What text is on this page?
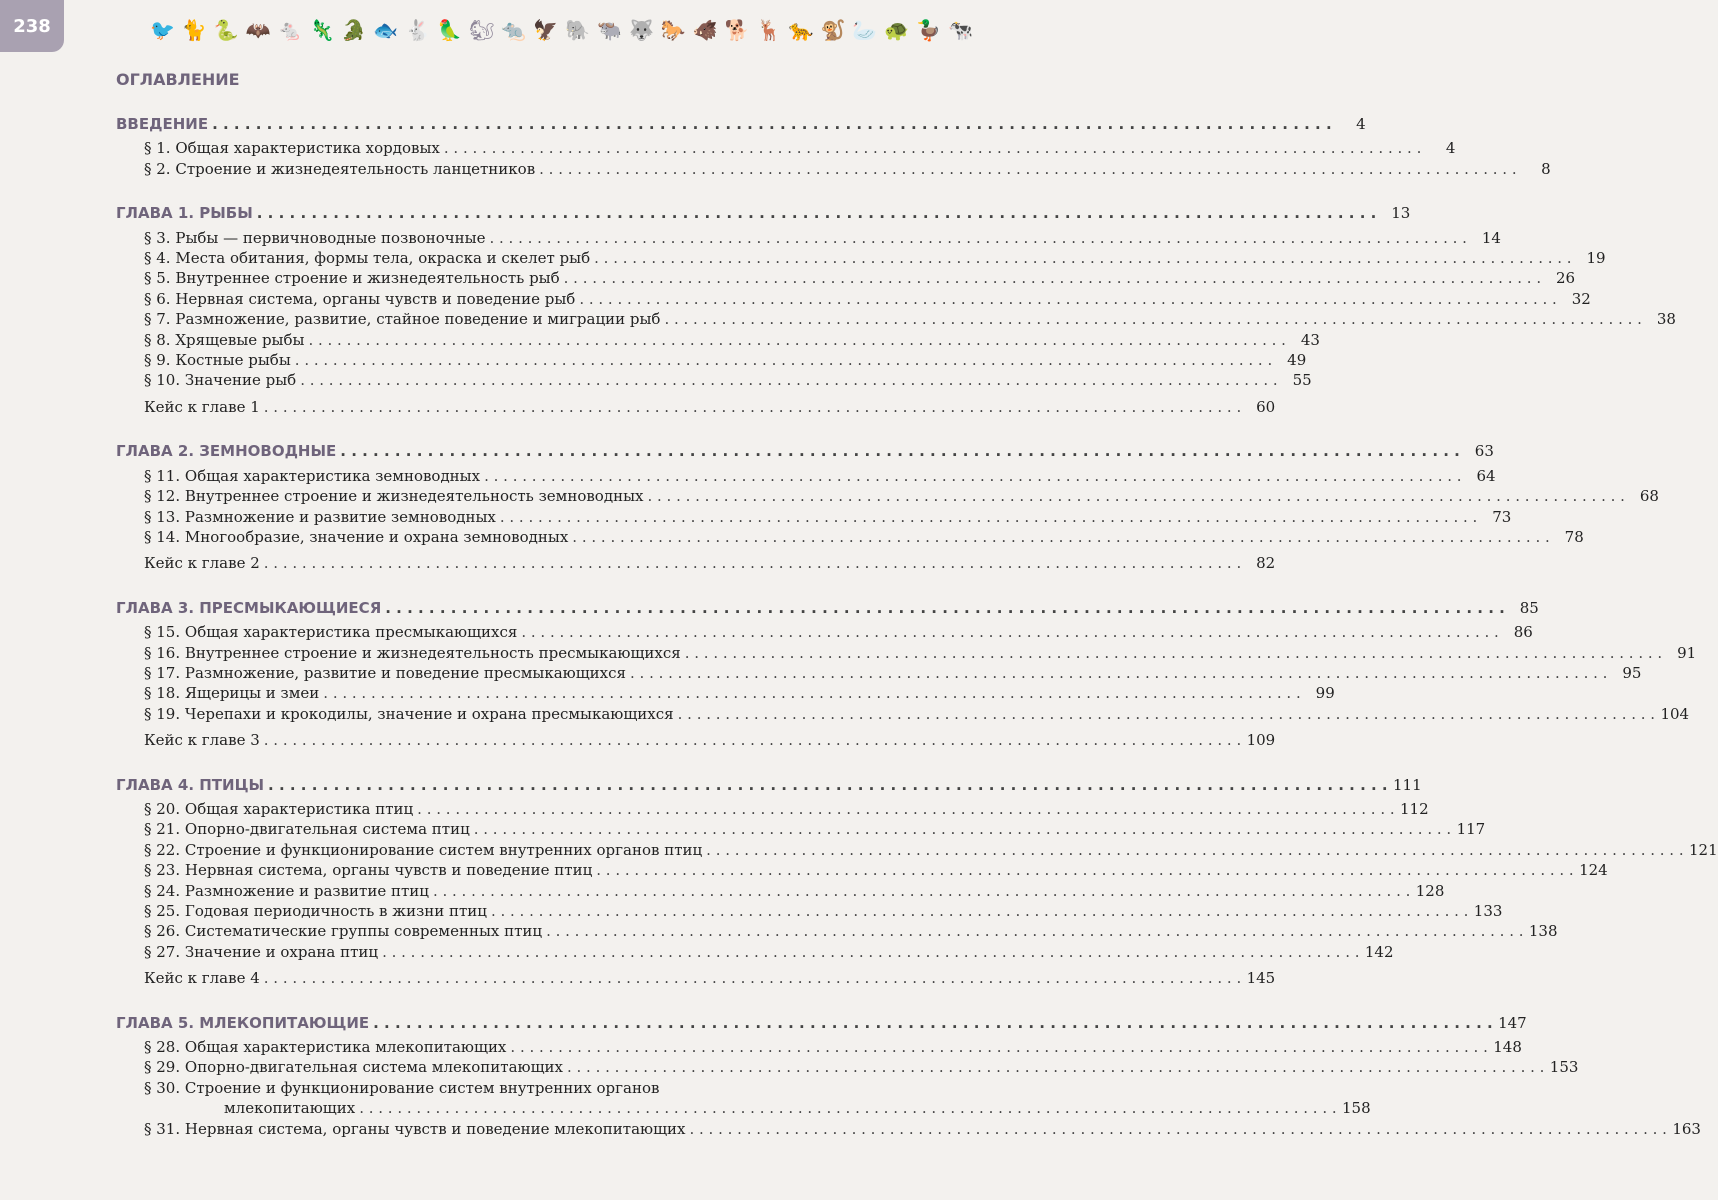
238	🐦🐈🐍🦇🐁🦎🐊🐟🐇🦜🐿🐀🦅🐘🐃🐺🐎🐗🐕🦌🐆🐒🦢🐢🦆🐄
ОГЛАВЛЕНИЕ
ВВЕДЕНИЕ . . .	4
§ 1. Общая характеристика хордовых . . .	4
§ 2. Строение и жизнедеятельность ланцетников . . .	8
ГЛАВА 1. РЫБЫ . . .	13
§ 3. Рыбы — первичноводные позвоночные . . .	14
§ 4. Места обитания, формы тела, окраска и скелет рыб . . .	19
§ 5. Внутреннее строение и жизнедеятельность рыб . . .	26
§ 6. Нервная система, органы чувств и поведение рыб . . .	32
§ 7. Размножение, развитие, стайное поведение и миграции рыб . . .	38
§ 8. Хрящевые рыбы . . .	43
§ 9. Костные рыбы . . .	49
§ 10. Значение рыб . . .	55
Кейс к главе 1 . . .	60
ГЛАВА 2. ЗЕМНОВОДНЫЕ . . .	63
§ 11. Общая характеристика земноводных . . .	64
§ 12. Внутреннее строение и жизнедеятельность земноводных . . .	68
§ 13. Размножение и развитие земноводных . . .	73
§ 14. Многообразие, значение и охрана земноводных . . .	78
Кейс к главе 2 . . .	82
ГЛАВА 3. ПРЕСМЫКАЮЩИЕСЯ . . .	85
§ 15. Общая характеристика пресмыкающихся . . .	86
§ 16. Внутреннее строение и жизнедеятельность пресмыкающихся . . .	91
§ 17. Размножение, развитие и поведение пресмыкающихся . . .	95
§ 18. Ящерицы и змеи . . .	99
§ 19. Черепахи и крокодилы, значение и охрана пресмыкающихся . . .	104
Кейс к главе 3 . . .	109
ГЛАВА 4. ПТИЦЫ . . .	111
§ 20. Общая характеристика птиц . . .	112
§ 21. Опорно-двигательная система птиц . . .	117
§ 22. Строение и функционирование систем внутренних органов птиц . . .	121
§ 23. Нервная система, органы чувств и поведение птиц . . .	124
§ 24. Размножение и развитие птиц . . .	128
§ 25. Годовая периодичность в жизни птиц . . .	133
§ 26. Систематические группы современных птиц . . .	138
§ 27. Значение и охрана птиц . . .	142
Кейс к главе 4 . . .	145
ГЛАВА 5. МЛЕКОПИТАЮЩИЕ . . .	147
§ 28. Общая характеристика млекопитающих . . .	148
§ 29. Опорно-двигательная система млекопитающих . . .	153
§ 30. Строение и функционирование систем внутренних органов
млекопитающих . . .	158
§ 31. Нервная система, органы чувств и поведение млекопитающих . . .	163
